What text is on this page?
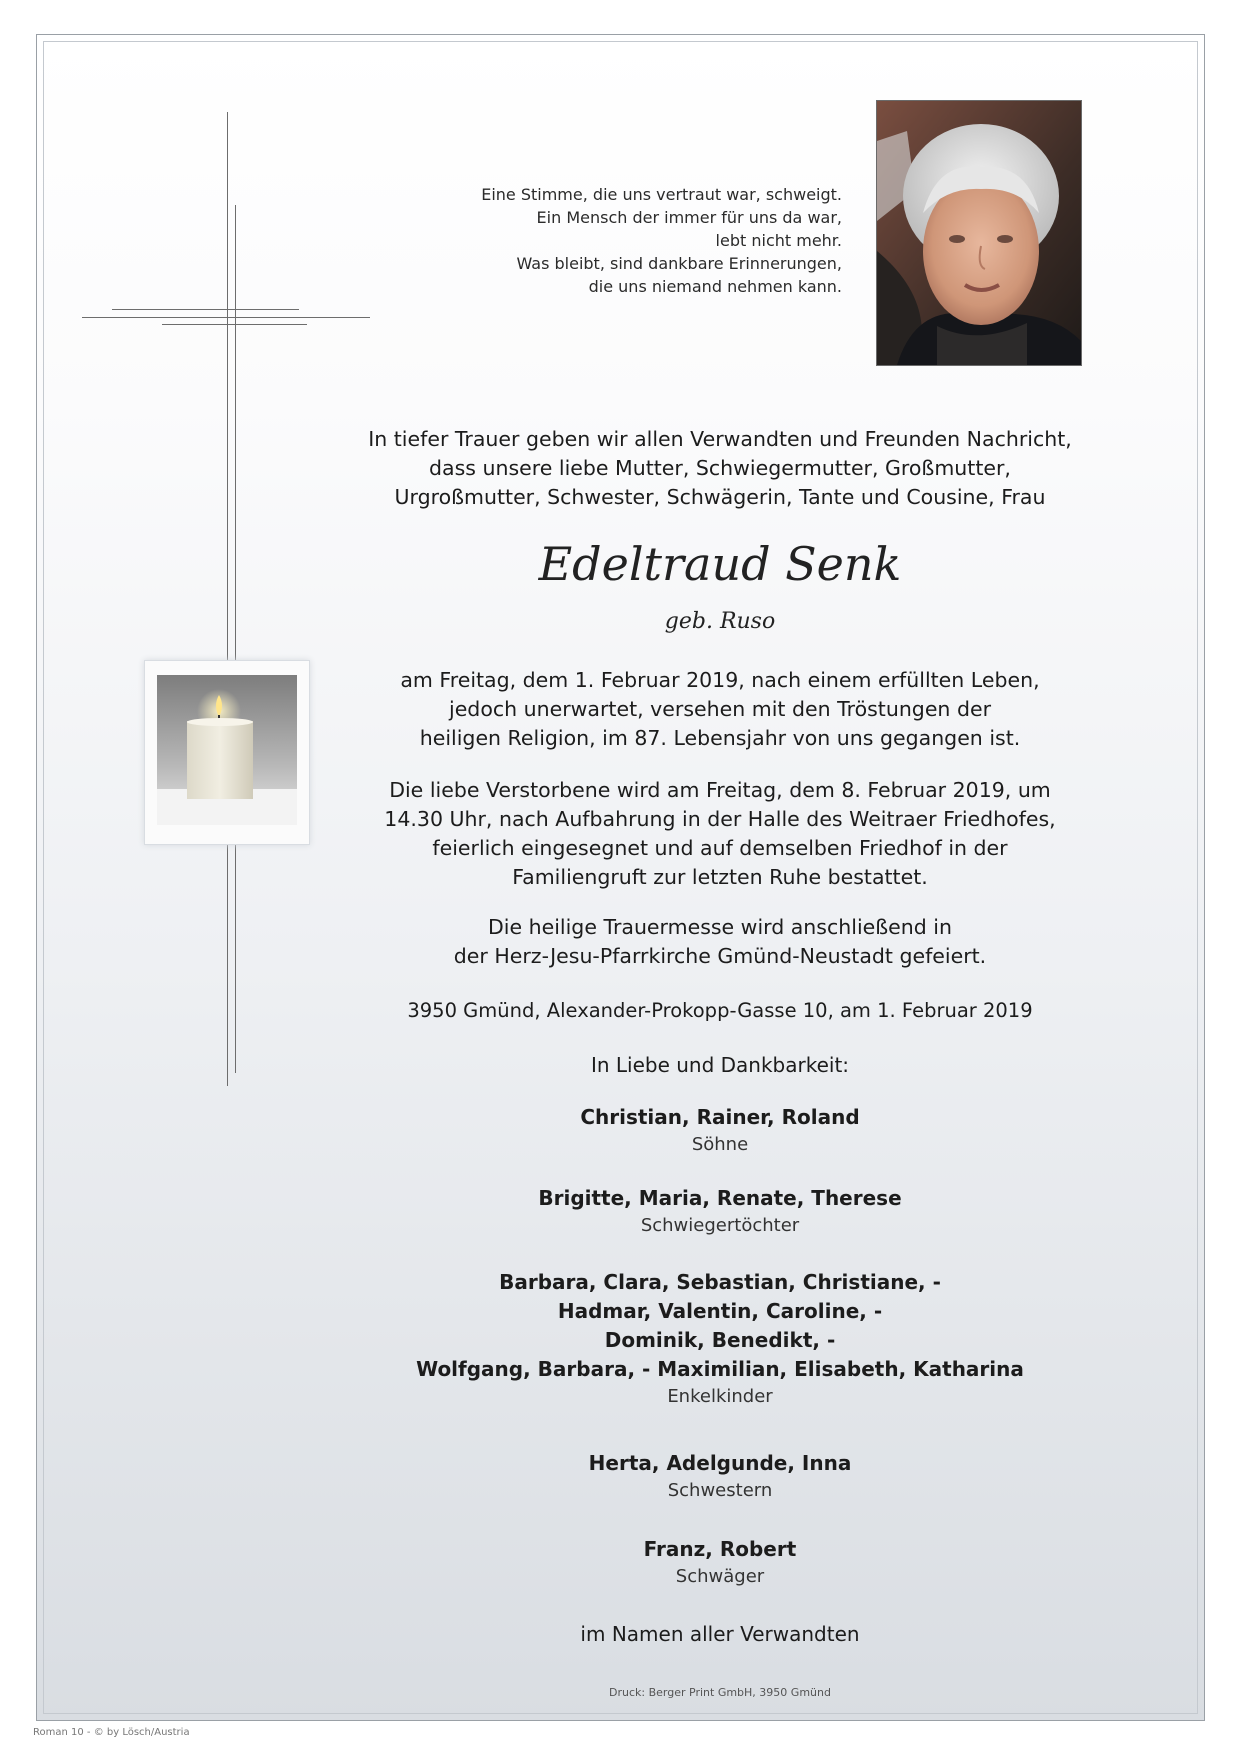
Eine Stimme, die uns vertraut war, schweigt.
Ein Mensch der immer für uns da war,
lebt nicht mehr.
Was bleibt, sind dankbare Erinnerungen,
die uns niemand nehmen kann.
In tiefer Trauer geben wir allen Verwandten und Freunden Nachricht,
dass unsere liebe Mutter, Schwiegermutter, Großmutter,
Urgroßmutter, Schwester, Schwägerin, Tante und Cousine, Frau
Edeltraud Senk
geb. Ruso
am Freitag, dem 1. Februar 2019, nach einem erfüllten Leben,
jedoch unerwartet, versehen mit den Tröstungen der
heiligen Religion, im 87. Lebensjahr von uns gegangen ist.
Die liebe Verstorbene wird am Freitag, dem 8. Februar 2019, um
14.30 Uhr, nach Aufbahrung in der Halle des Weitraer Friedhofes,
feierlich eingesegnet und auf demselben Friedhof in der
Familiengruft zur letzten Ruhe bestattet.
Die heilige Trauermesse wird anschließend in
der Herz-Jesu-Pfarrkirche Gmünd-Neustadt gefeiert.
3950 Gmünd, Alexander-Prokopp-Gasse 10, am 1. Februar 2019
In Liebe und Dankbarkeit:
Christian, Rainer, Roland
Söhne
Brigitte, Maria, Renate, Therese
Schwiegertöchter
Barbara, Clara, Sebastian, Christiane, -
Hadmar, Valentin, Caroline, -
Dominik, Benedikt, -
Wolfgang, Barbara, - Maximilian, Elisabeth, Katharina
Enkelkinder
Herta, Adelgunde, Inna
Schwestern
Franz, Robert
Schwäger
im Namen aller Verwandten
Druck: Berger Print GmbH, 3950 Gmünd
Roman 10 - © by Lösch/Austria
